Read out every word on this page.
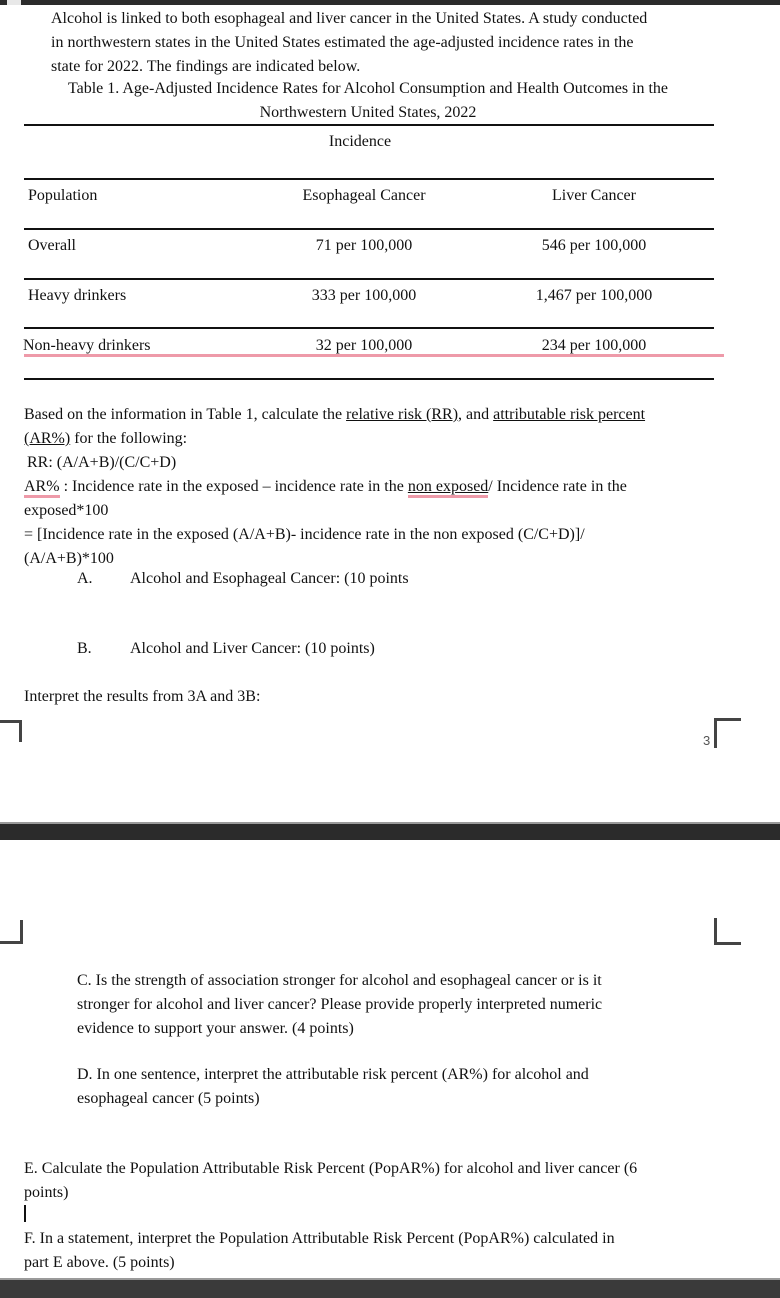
Alcohol is linked to both esophageal and liver cancer in the United States. A study conducted
in northwestern states in the United States estimated the age-adjusted incidence rates in the
state for 2022. The findings are indicated below.
Table 1. Age-Adjusted Incidence Rates for Alcohol Consumption and Health Outcomes in the
Northwestern United States, 2022
Incidence
Population	Esophageal Cancer	Liver Cancer
Overall	71 per 100,000	546 per 100,000
Heavy drinkers	333 per 100,000	1,467 per 100,000
Non-heavy drinkers	32 per 100,000	234 per 100,000
Based on the information in Table 1, calculate the relative risk (RR), and attributable risk percent
(AR%) for the following:
RR: (A/A+B)/(C/C+D)
AR% : Incidence rate in the exposed – incidence rate in the non exposed/ Incidence rate in the
exposed*100
= [Incidence rate in the exposed (A/A+B)- incidence rate in the non exposed (C/C+D)]/
(A/A+B)*100
A. Alcohol and Esophageal Cancer: (10 points
B. Alcohol and Liver Cancer: (10 points)
Interpret the results from 3A and 3B:
3
C. Is the strength of association stronger for alcohol and esophageal cancer or is it
stronger for alcohol and liver cancer? Please provide properly interpreted numeric
evidence to support your answer. (4 points)
D. In one sentence, interpret the attributable risk percent (AR%) for alcohol and
esophageal cancer (5 points)
E. Calculate the Population Attributable Risk Percent (PopAR%) for alcohol and liver cancer (6
points)
F. In a statement, interpret the Population Attributable Risk Percent (PopAR%) calculated in
part E above. (5 points)
